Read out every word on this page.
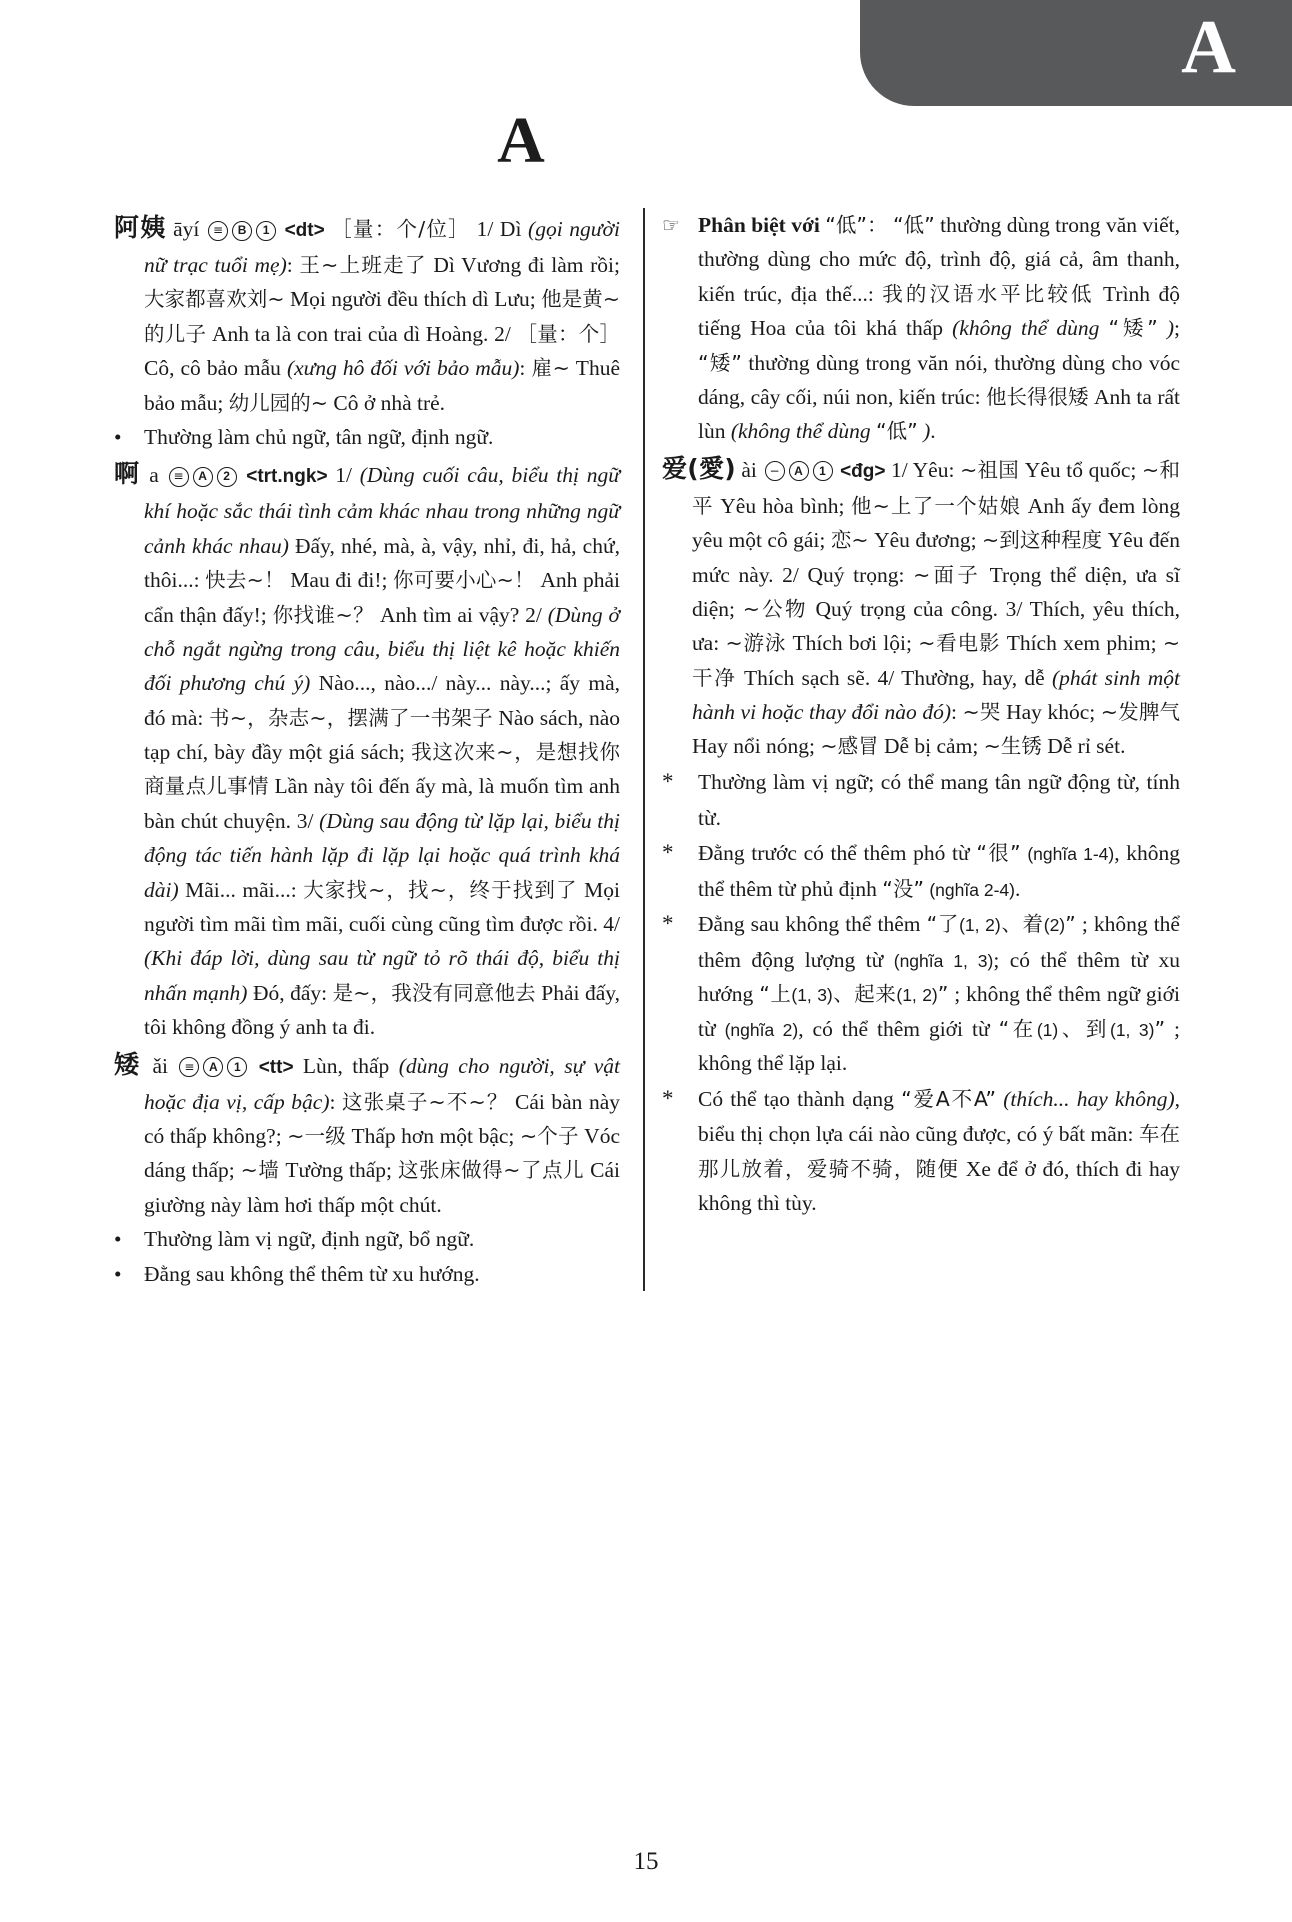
A
A
阿姨 āyí ≡ B 1 <dt> ［量：个/位］ 1/ Dì (gọi người nữ trạc tuổi mẹ): 王~上班走了 Dì Vương đi làm rồi; 大家都喜欢刘~ Mọi người đều thích dì Lưu; 他是黄~的儿子 Anh ta là con trai của dì Hoàng. 2/ ［量：个］ Cô, cô bảo mẫu (xưng hô đối với bảo mẫu): 雇~ Thuê bảo mẫu; 幼儿园的~ Cô ở nhà trẻ.
• Thường làm chủ ngữ, tân ngữ, định ngữ.
啊 a ≡ A 2 <trt.ngk> 1/ (Dùng cuối câu, biểu thị ngữ khí hoặc sắc thái tình cảm khác nhau trong những ngữ cảnh khác nhau) Đấy, nhé, mà, à, vậy, nhỉ, đi, hả, chứ, thôi...: 快去~！ Mau đi đi!; 你可要小心~！ Anh phải cẩn thận đấy!; 你找谁~？ Anh tìm ai vậy? 2/ (Dùng ở chỗ ngắt ngừng trong câu, biểu thị liệt kê hoặc khiến đối phương chú ý) Nào..., nào.../ này... này...; ấy mà, đó mà: 书~，杂志~，摆满了一书架子 Nào sách, nào tạp chí, bày đầy một giá sách; 我这次来~，是想找你商量点儿事情 Lần này tôi đến ấy mà, là muốn tìm anh bàn chút chuyện. 3/ (Dùng sau động từ lặp lại, biểu thị động tác tiến hành lặp đi lặp lại hoặc quá trình khá dài) Mãi... mãi...: 大家找~，找~，终于找到了 Mọi người tìm mãi tìm mãi, cuối cùng cũng tìm được rồi. 4/ (Khi đáp lời, dùng sau từ ngữ tỏ rõ thái độ, biểu thị nhấn mạnh) Đó, đấy: 是~，我没有同意他去 Phải đấy, tôi không đồng ý anh ta đi.
矮 ǎi ≡ A 1 <tt> Lùn, thấp (dùng cho người, sự vật hoặc địa vị, cấp bậc): 这张桌子~不~？ Cái bàn này có thấp không?; ~一级 Thấp hơn một bậc; ~个子 Vóc dáng thấp; ~墙 Tường thấp; 这张床做得~了点儿 Cái giường này làm hơi thấp một chút.
• Thường làm vị ngữ, định ngữ, bổ ngữ.
• Đằng sau không thể thêm từ xu hướng.
☞ Phân biệt với “低”： “低” thường dùng trong văn viết, thường dùng cho mức độ, trình độ, giá cả, âm thanh, kiến trúc, địa thế...: 我的汉语水平比较低 Trình độ tiếng Hoa của tôi khá thấp (không thể dùng “矮” ); “矮” thường dùng trong văn nói, thường dùng cho vóc dáng, cây cối, núi non, kiến trúc: 他长得很矮 Anh ta rất lùn (không thể dùng “低” ).
爱(愛) ài − A 1 <đg> 1/ Yêu: ~祖国 Yêu tổ quốc; ~和平 Yêu hòa bình; 他~上了一个姑娘 Anh ấy đem lòng yêu một cô gái; 恋~ Yêu đương; ~到这种程度 Yêu đến mức này. 2/ Quý trọng: ~面子 Trọng thể diện, ưa sĩ diện; ~公物 Quý trọng của công. 3/ Thích, yêu thích, ưa: ~游泳 Thích bơi lội; ~看电影 Thích xem phim; ~干净 Thích sạch sẽ. 4/ Thường, hay, dễ (phát sinh một hành vi hoặc thay đổi nào đó): ~哭 Hay khóc; ~发脾气 Hay nổi nóng; ~感冒 Dễ bị cảm; ~生锈 Dễ rỉ sét.
* Thường làm vị ngữ; có thể mang tân ngữ động từ, tính từ.
* Đằng trước có thể thêm phó từ “很” (nghĩa 1-4), không thể thêm từ phủ định “没” (nghĩa 2-4).
* Đằng sau không thể thêm “了(1, 2)、着(2)” ; không thể thêm động lượng từ (nghĩa 1, 3); có thể thêm từ xu hướng “上(1, 3)、起来(1, 2)” ; không thể thêm ngữ giới từ (nghĩa 2), có thể thêm giới từ “在(1)、到(1, 3)” ; không thể lặp lại.
* Có thể tạo thành dạng “爱A不A” (thích... hay không), biểu thị chọn lựa cái nào cũng được, có ý bất mãn: 车在那儿放着，爱骑不骑，随便 Xe để ở đó, thích đi hay không thì tùy.
15
